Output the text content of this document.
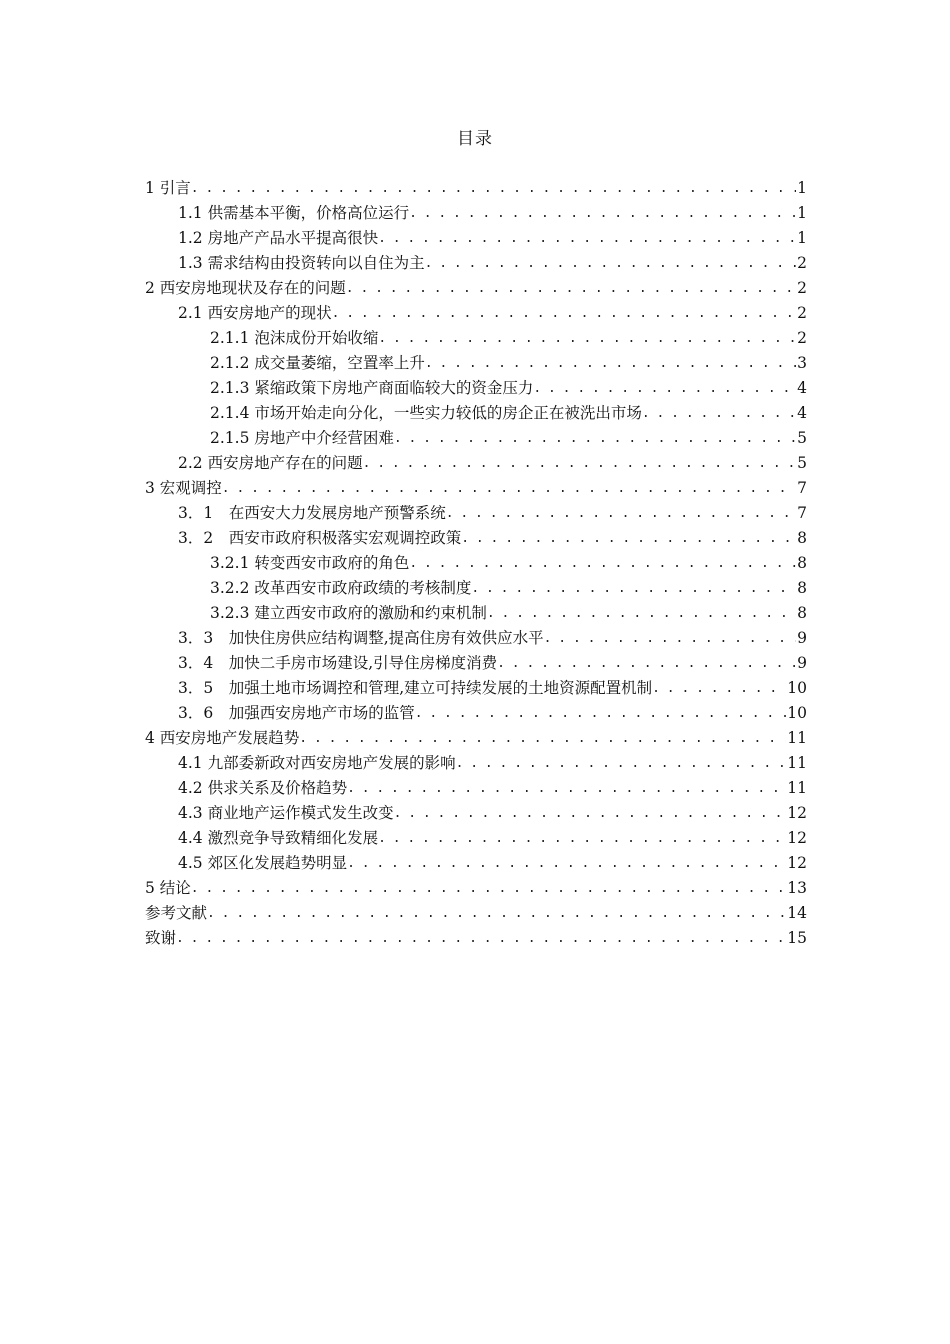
目录
1 引言 . . .	1
1.1 供需基本平衡，价格高位运行 . . .	1
1.2 房地产产品水平提高很快 . . .	1
1.3 需求结构由投资转向以自住为主 . . .	2
2 西安房地现状及存在的问题 . . .	2
2.1 西安房地产的现状 . . .	2
2.1.1 泡沫成份开始收缩 . . .	2
2.1.2 成交量萎缩，空置率上升 . . .	3
2.1.3 紧缩政策下房地产商面临较大的资金压力 . . .	4
2.1.4 市场开始走向分化，一些实力较低的房企正在被洗出市场 . . .	4
2.1.5 房地产中介经营困难 . . .	5
2.2 西安房地产存在的问题 . . .	5
3 宏观调控 . . .	7
3．1　在西安大力发展房地产预警系统 . . .	7
3．2　西安市政府积极落实宏观调控政策 . . .	8
3.2.1 转变西安市政府的角色 . . .	8
3.2.2 改革西安市政府政绩的考核制度 . . .	8
3.2.3 建立西安市政府的激励和约束机制 . . .	8
3．3　加快住房供应结构调整,提高住房有效供应水平 . . .	9
3．4　加快二手房市场建设,引导住房梯度消费 . . .	9
3．5　加强土地市场调控和管理,建立可持续发展的土地资源配置机制 . . .	10
3．6　加强西安房地产市场的监管 . . .	10
4 西安房地产发展趋势 . . .	11
4.1 九部委新政对西安房地产发展的影响 . . .	11
4.2 供求关系及价格趋势 . . .	11
4.3 商业地产运作模式发生改变 . . .	12
4.4 激烈竞争导致精细化发展 . . .	12
4.5 郊区化发展趋势明显 . . .	12
5 结论 . . .	13
参考文献 . . .	14
致谢 . . .	15
